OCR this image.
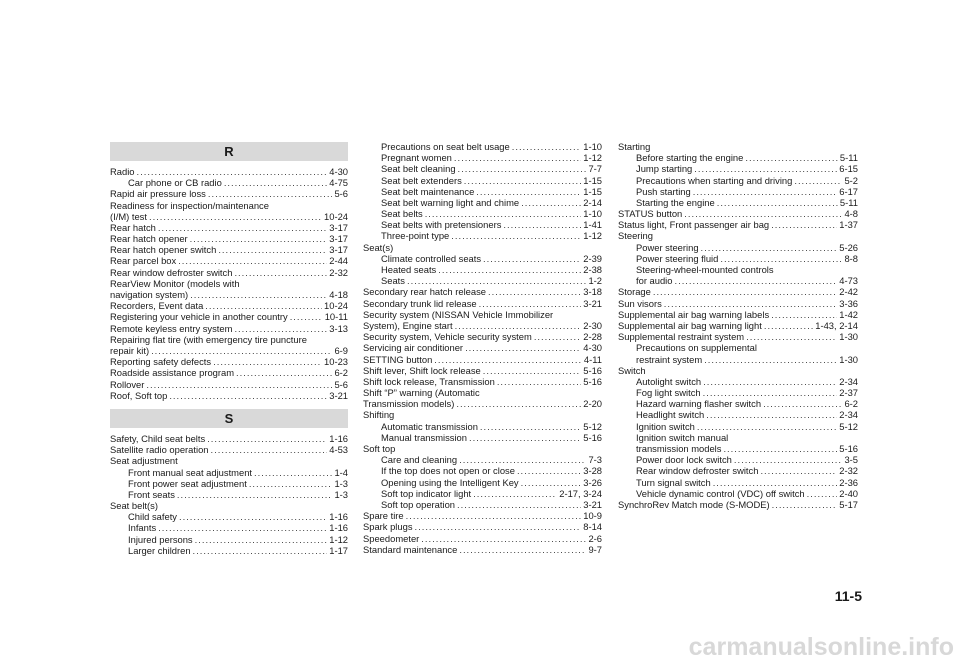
R
Radio .....	4-30
Car phone or CB radio .....	4-75
Rapid air pressure loss .....	5-6
Readiness for inspection/maintenance
(I/M) test .....	10-24
Rear hatch .....	3-17
Rear hatch opener .....	3-17
Rear hatch opener switch .....	3-17
Rear parcel box .....	2-44
Rear window defroster switch .....	2-32
RearView Monitor (models with
navigation system) .....	4-18
Recorders, Event data .....	10-24
Registering your vehicle in another country .....	10-11
Remote keyless entry system .....	3-13
Repairing flat tire (with emergency tire puncture
repair kit) .....	6-9
Reporting safety defects .....	10-23
Roadside assistance program .....	6-2
Rollover .....	5-6
Roof, Soft top .....	3-21
S
Safety, Child seat belts .....	1-16
Satellite radio operation .....	4-53
Seat adjustment
Front manual seat adjustment .....	1-4
Front power seat adjustment .....	1-3
Front seats .....	1-3
Seat belt(s)
Child safety .....	1-16
Infants .....	1-16
Injured persons .....	1-12
Larger children .....	1-17
Precautions on seat belt usage .....	1-10
Pregnant women .....	1-12
Seat belt cleaning .....	7-7
Seat belt extenders .....	1-15
Seat belt maintenance .....	1-15
Seat belt warning light and chime .....	2-14
Seat belts .....	1-10
Seat belts with pretensioners .....	1-41
Three-point type .....	1-12
Seat(s)
Climate controlled seats .....	2-39
Heated seats .....	2-38
Seats .....	1-2
Secondary rear hatch release .....	3-18
Secondary trunk lid release .....	3-21
Security system (NISSAN Vehicle Immobilizer
System), Engine start .....	2-30
Security system, Vehicle security system .....	2-28
Servicing air conditioner .....	4-30
SETTING button .....	4-11
Shift lever, Shift lock release .....	5-16
Shift lock release, Transmission .....	5-16
Shift “P” warning (Automatic
Transmission models) .....	2-20
Shifting
Automatic transmission .....	5-12
Manual transmission .....	5-16
Soft top
Care and cleaning .....	7-3
If the top does not open or close .....	3-28
Opening using the Intelligent Key .....	3-26
Soft top indicator light .....	2-17, 3-24
Soft top operation .....	3-21
Spare tire .....	10-9
Spark plugs .....	8-14
Speedometer .....	2-6
Standard maintenance .....	9-7
Starting
Before starting the engine .....	5-11
Jump starting .....	6-15
Precautions when starting and driving .....	5-2
Push starting .....	6-17
Starting the engine .....	5-11
STATUS button .....	4-8
Status light, Front passenger air bag .....	1-37
Steering
Power steering .....	5-26
Power steering fluid .....	8-8
Steering-wheel-mounted controls
for audio .....	4-73
Storage .....	2-42
Sun visors .....	3-36
Supplemental air bag warning labels .....	1-42
Supplemental air bag warning light .....	1-43, 2-14
Supplemental restraint system .....	1-30
Precautions on supplemental
restraint system .....	1-30
Switch
Autolight switch .....	2-34
Fog light switch .....	2-37
Hazard warning flasher switch .....	6-2
Headlight switch .....	2-34
Ignition switch .....	5-12
Ignition switch manual
transmission models .....	5-16
Power door lock switch .....	3-5
Rear window defroster switch .....	2-32
Turn signal switch .....	2-36
Vehicle dynamic control (VDC) off switch .....	2-40
SynchroRev Match mode (S-MODE) .....	5-17
11-5
carmanualsonline.info
